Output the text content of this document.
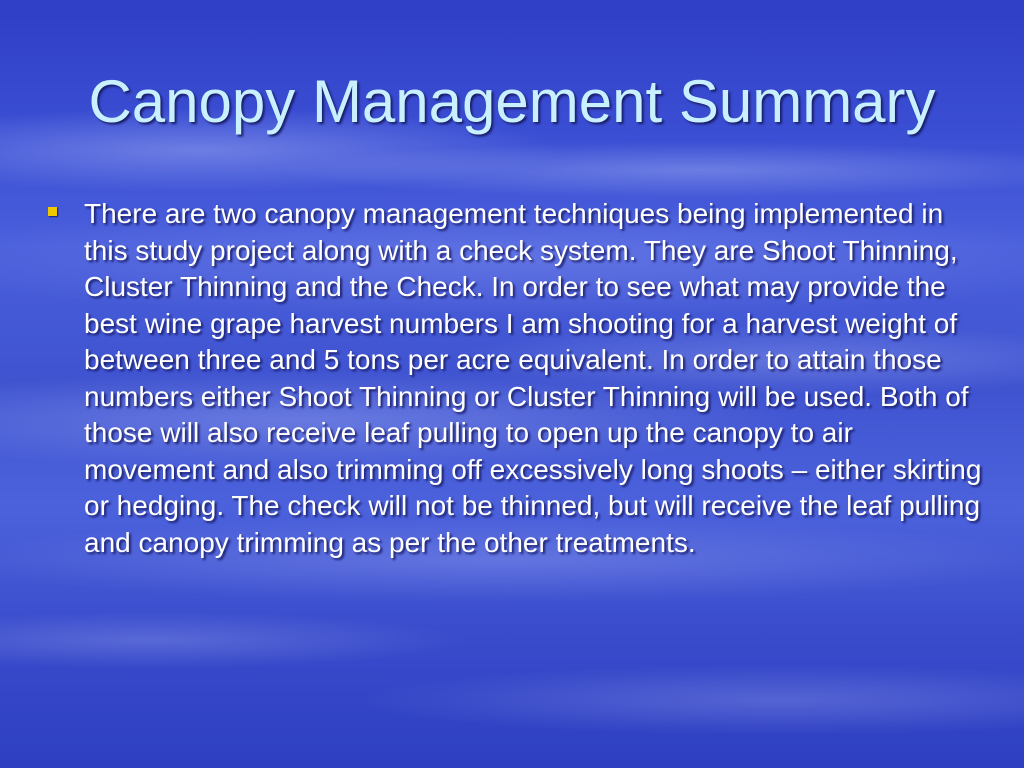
Canopy Management Summary
There are two canopy management techniques being implemented in this study project along with a check system. They are Shoot Thinning, Cluster Thinning and the Check. In order to see what may provide the best wine grape harvest numbers I am shooting for a harvest weight of between three and 5 tons per acre equivalent. In order to attain those numbers either Shoot Thinning or Cluster Thinning will be used. Both of those will also receive leaf pulling to open up the canopy to air movement and also trimming off excessively long shoots – either skirting or hedging. The check will not be thinned, but will receive the leaf pulling and canopy trimming as per the other treatments.
